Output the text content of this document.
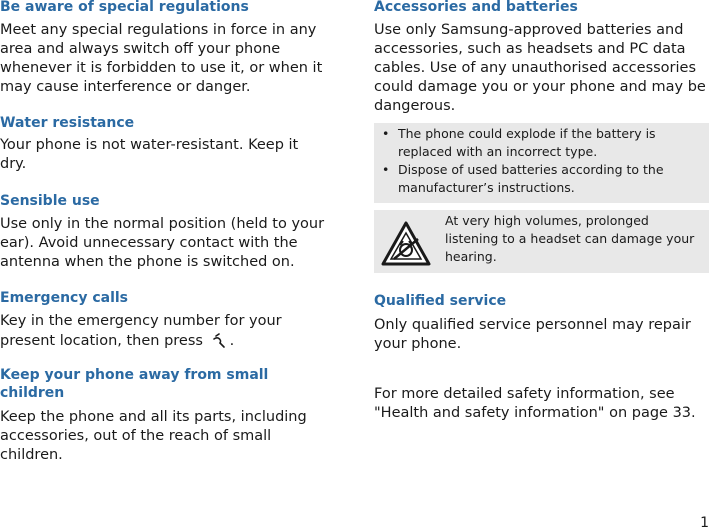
Be aware of special regulations

Meet any special regulations in force in any area and always switch off your phone whenever it is forbidden to use it, or when it may cause interference or danger.

Water resistance

Your phone is not water-resistant. Keep it dry.

Sensible use

Use only in the normal position (held to your ear). Avoid unnecessary contact with the antenna when the phone is switched on.

Emergency calls

Key in the emergency number for your present location, then press .

Keep your phone away from small children

Keep the phone and all its parts, including accessories, out of the reach of small children.

Accessories and batteries

Use only Samsung-approved batteries and accessories, such as headsets and PC data cables. Use of any unauthorised accessories could damage you or your phone and may be dangerous.

• The phone could explode if the battery is replaced with an incorrect type.
• Dispose of used batteries according to the manufacturer’s instructions.

At very high volumes, prolonged listening to a headset can damage your hearing.

Qualified service

Only qualified service personnel may repair your phone.

For more detailed safety information, see "Health and safety information" on page 33.

1
